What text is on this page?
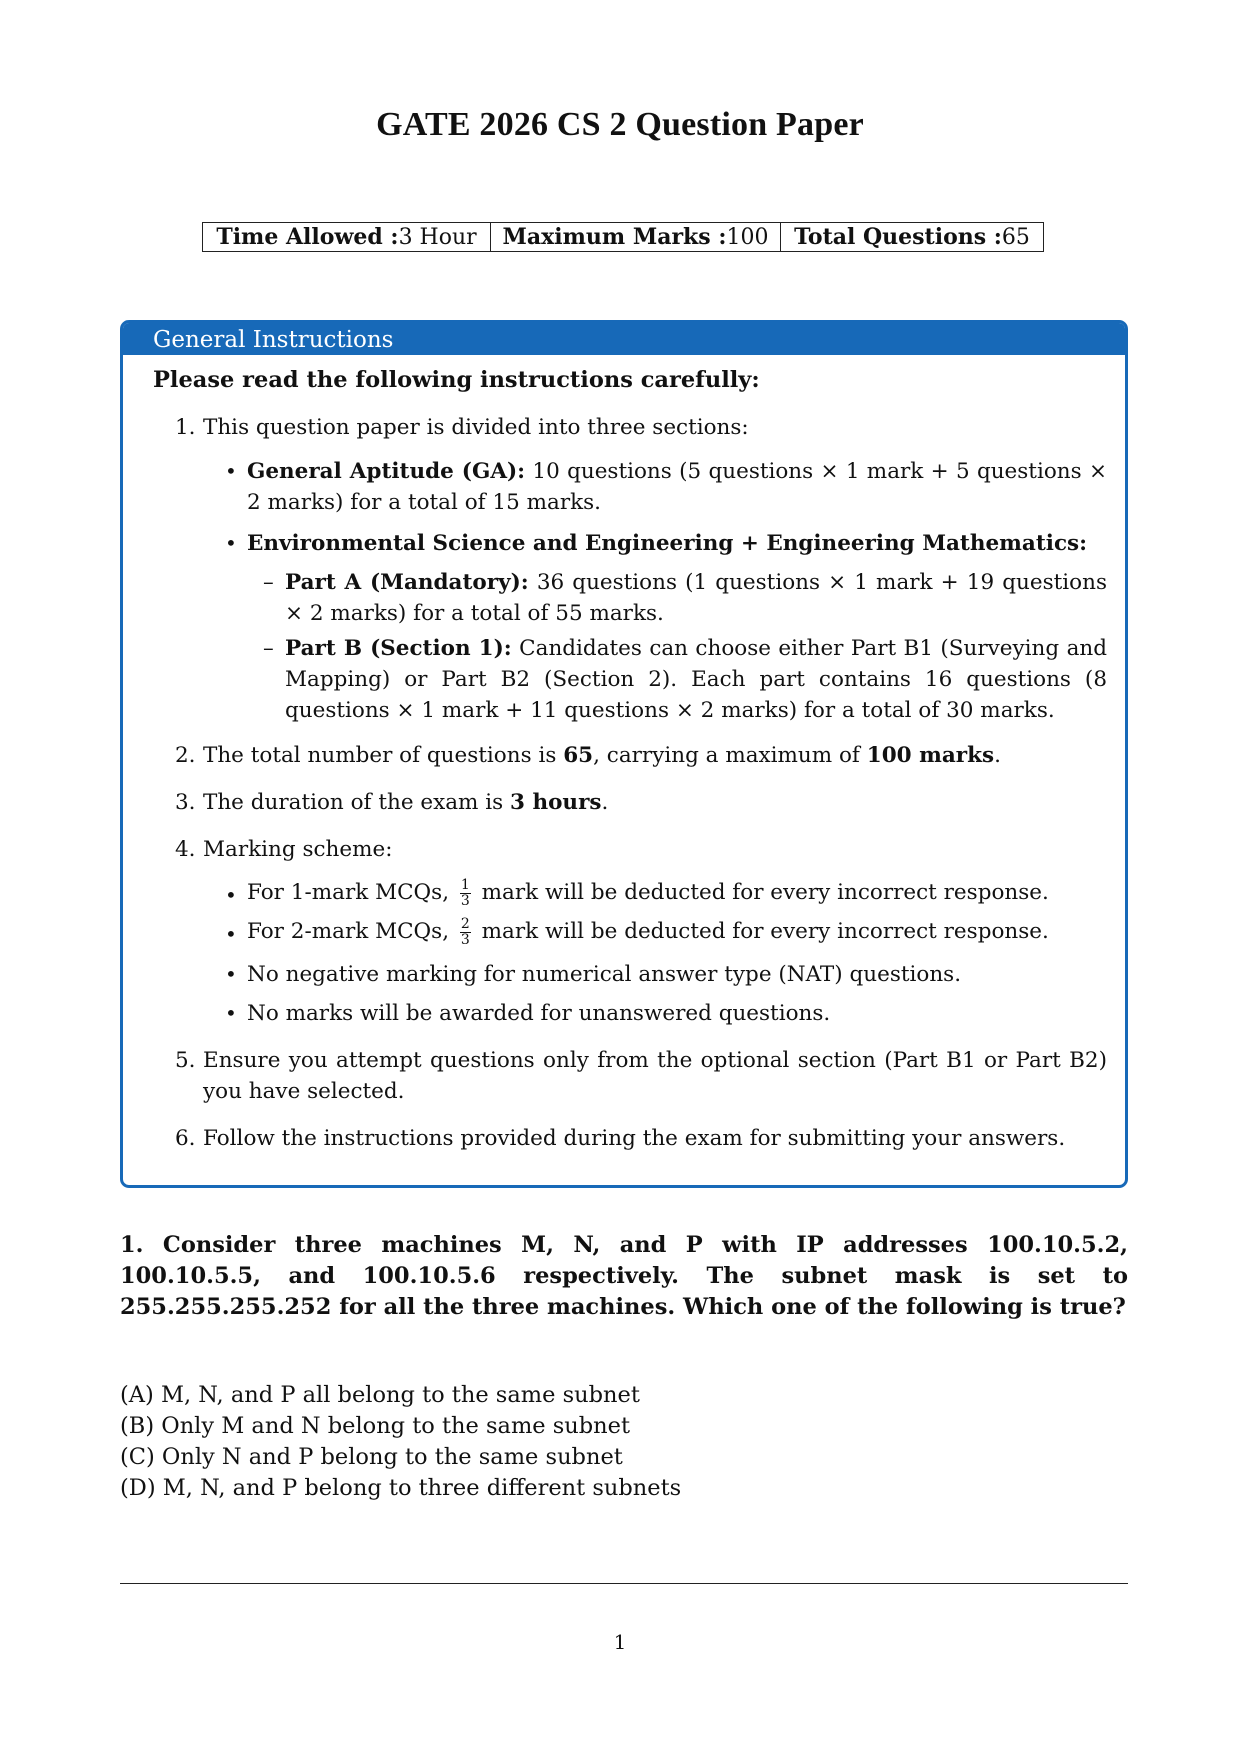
GATE 2026 CS 2 Question Paper
Time Allowed : 3 Hour Maximum Marks : 100 Total Questions : 65
General Instructions
Please read the following instructions carefully:
1. This question paper is divided into three sections:
• General Aptitude (GA): 10 questions (5 questions × 1 mark + 5 questions × 2 marks) for a total of 15 marks.
• Environmental Science and Engineering + Engineering Mathematics:
– Part A (Mandatory): 36 questions (1 questions × 1 mark + 19 questions × 2 marks) for a total of 55 marks.
– Part B (Section 1): Candidates can choose either Part B1 (Surveying and Mapping) or Part B2 (Section 2). Each part contains 16 questions (8 questions × 1 mark + 11 questions × 2 marks) for a total of 30 marks.
2. The total number of questions is 65, carrying a maximum of 100 marks.
3. The duration of the exam is 3 hours.
4. Marking scheme:
• For 1-mark MCQs, $\frac{1}{3}$ mark will be deducted for every incorrect response.
• For 2-mark MCQs, $\frac{2}{3}$ mark will be deducted for every incorrect response.
• No negative marking for numerical answer type (NAT) questions.
• No marks will be awarded for unanswered questions.
5. Ensure you attempt questions only from the optional section (Part B1 or Part B2) you have selected.
6. Follow the instructions provided during the exam for submitting your answers.
1. Consider three machines M, N, and P with IP addresses 100.10.5.2, 100.10.5.5, and 100.10.5.6 respectively. The subnet mask is set to 255.255.255.252 for all the three machines. Which one of the following is true?
(A) M, N, and P all belong to the same subnet
(B) Only M and N belong to the same subnet
(C) Only N and P belong to the same subnet
(D) M, N, and P belong to three different subnets
1
